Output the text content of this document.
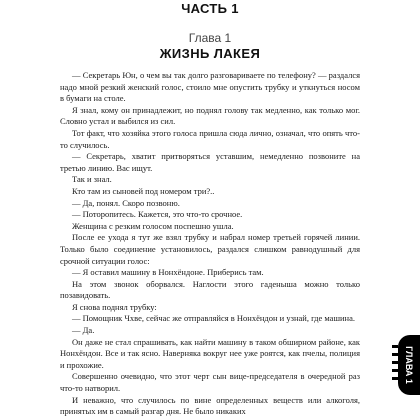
ЧАСТЬ 1
Глава 1
ЖИЗНЬ ЛАКЕЯ

— Секретарь Юн, о чем вы так долго разговариваете по телефону? — раздался надо мной резкий женский голос, стоило мне опустить трубку и уткнуться носом в бумаги на столе.

Я знал, кому он принадлежит, но поднял голову так медленно, как только мог. Словно устал и выбился из сил.

Тот факт, что хозяйка этого голоса пришла сюда лично, означал, что опять что-то случилось.

— Секретарь, хватит притворяться уставшим, немедленно позвоните на третью линию. Вас ищут.

Так и знал.

Кто там из сыновей под номером три?..

— Да, понял. Скоро позвоню.

— Поторопитесь. Кажется, это что-то срочное.

Женщина с резким голосом поспешно ушла.

После ее ухода я тут же взял трубку и набрал номер третьей горячей линии. Только было соединение установилось, раздался слишком равнодушный для срочной ситуации голос:

— Я оставил машину в Нонхёндоне. Приберись там.

На этом звонок оборвался. Наглости этого гаденыша можно только позавидовать.

Я снова поднял трубку:

— Помощник Чхве, сейчас же отправляйся в Нонхёндон и узнай, где машина.

— Да.

Он даже не стал спрашивать, как найти машину в таком обширном районе, как Нонхёндон. Все и так ясно. Наверняка вокруг нее уже роятся, как пчелы, полиция и прохожие.

Совершенно очевидно, что этот черт сын вице-председателя в очередной раз что-то натворил.

И неважно, что случилось по вине определенных веществ или алкоголя, принятых им в самый разгар дня. Не было никаких

ГЛАВА 1
